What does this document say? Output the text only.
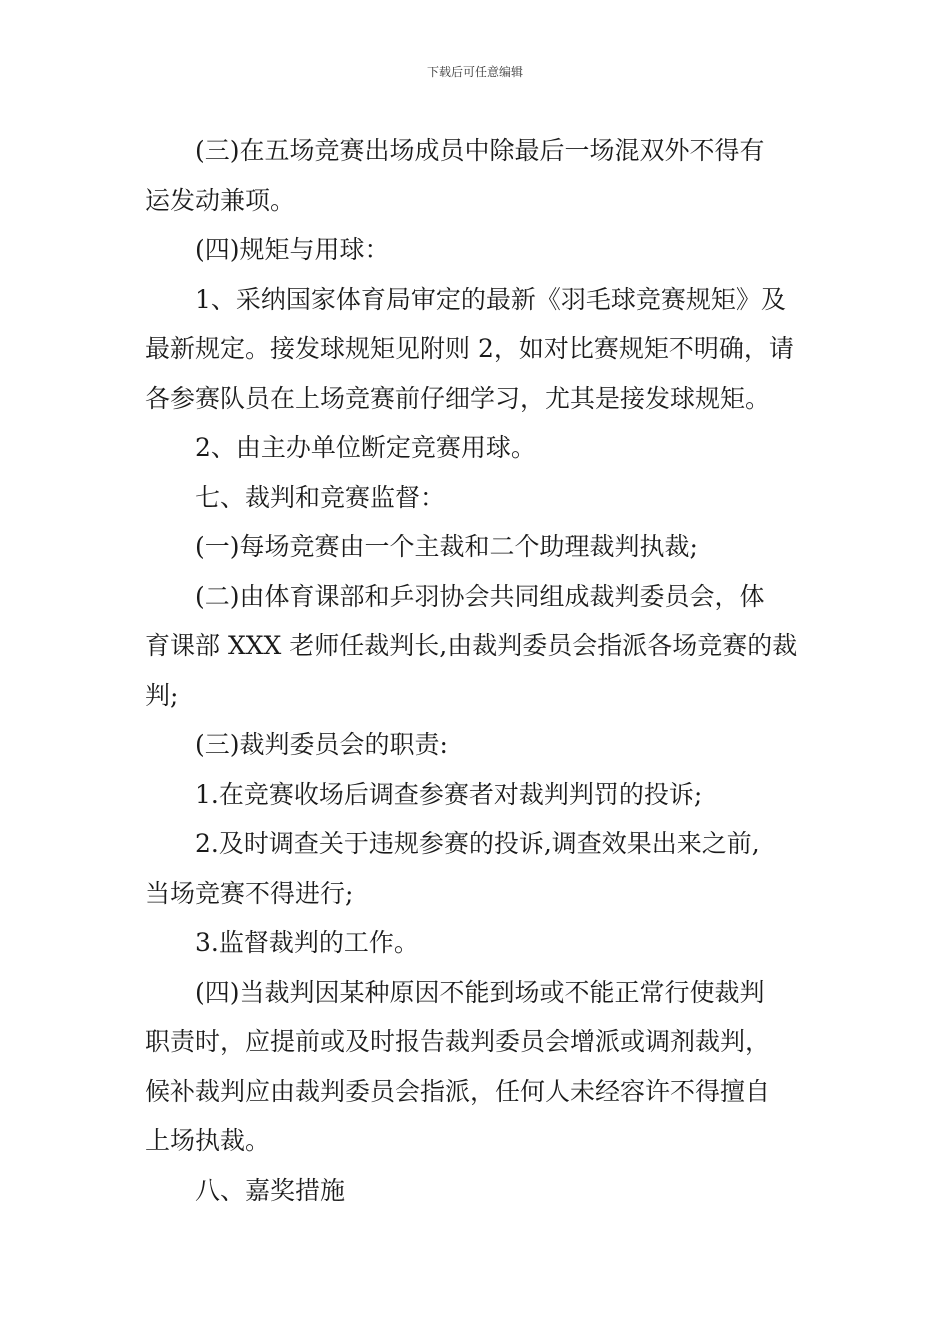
下载后可任意编辑
(三)在五场竞赛出场成员中除最后一场混双外不得有
运发动兼项。
(四)规矩与用球：
1、采纳国家体育局审定的最新《羽毛球竞赛规矩》及
最新规定。接发球规矩见附则 2，如对比赛规矩不明确，请
各参赛队员在上场竞赛前仔细学习，尤其是接发球规矩。
2、由主办单位断定竞赛用球。
七、裁判和竞赛监督：
(一)每场竞赛由一个主裁和二个助理裁判执裁;
(二)由体育课部和乒羽协会共同组成裁判委员会，体
育课部 XXX 老师任裁判长,由裁判委员会指派各场竞赛的裁
判;
(三)裁判委员会的职责:
1.在竞赛收场后调查参赛者对裁判判罚的投诉;
2.及时调查关于违规参赛的投诉,调查效果出来之前,
当场竞赛不得进行;
3.监督裁判的工作。
(四)当裁判因某种原因不能到场或不能正常行使裁判
职责时，应提前或及时报告裁判委员会增派或调剂裁判，
候补裁判应由裁判委员会指派，任何人未经容许不得擅自
上场执裁。
八、嘉奖措施
